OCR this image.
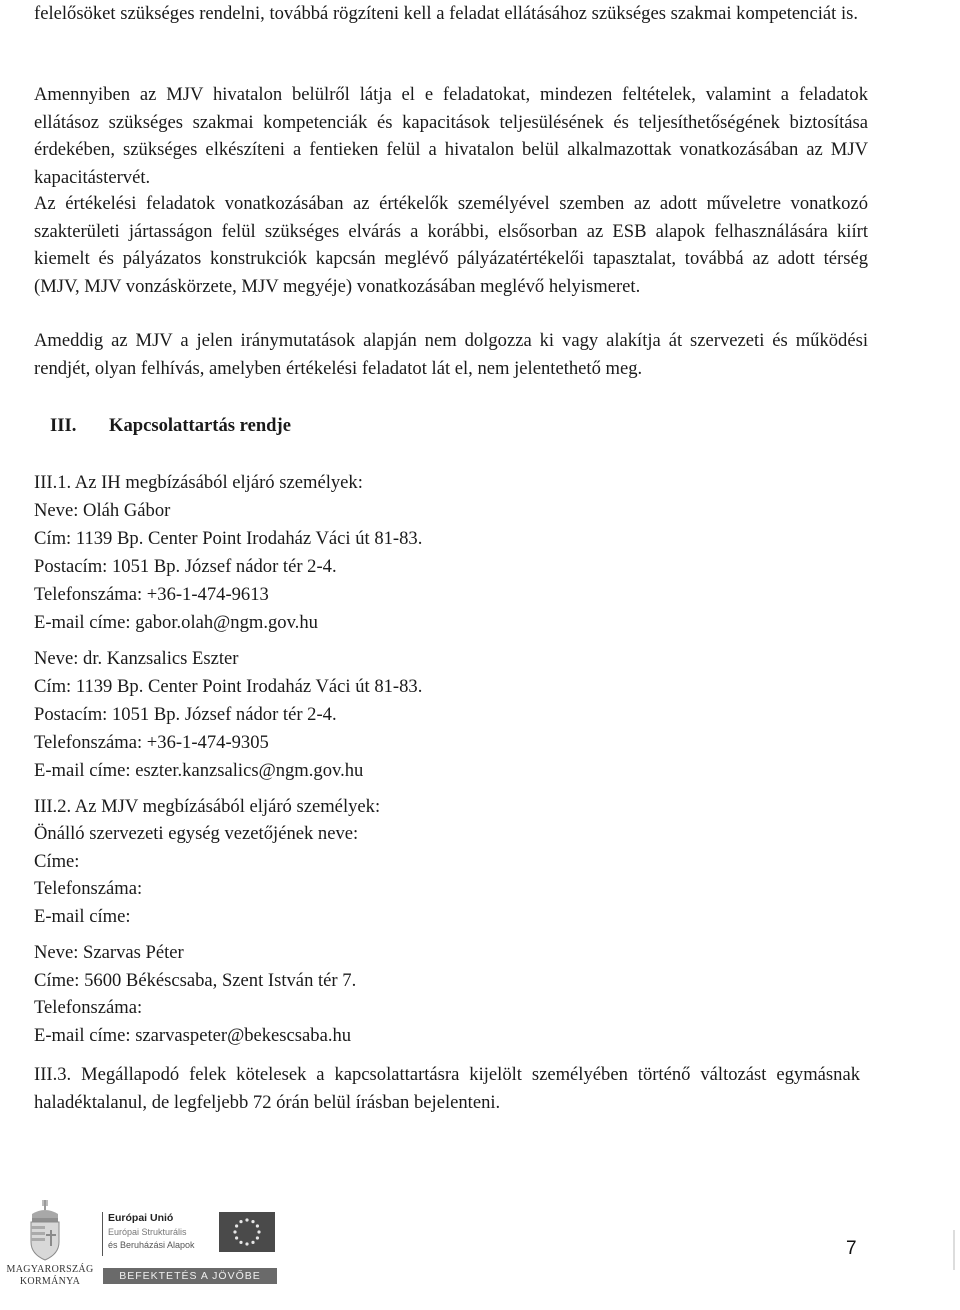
felelősöket szükséges rendelni, továbbá rögzíteni kell a feladat ellátásához szükséges szakmai kompetenciát is.

Amennyiben az MJV hivatalon belülről látja el e feladatokat, mindezen feltételek, valamint a feladatok ellátásoz szükséges szakmai kompetenciák és kapacitások teljesülésének és teljesíthetőségének biztosítása érdekében, szükséges elkészíteni a fentieken felül a hivatalon belül alkalmazottak vonatkozásában az MJV kapacitástervét.

Az értékelési feladatok vonatkozásában az értékelők személyével szemben az adott műveletre vonatkozó szakterületi jártasságon felül szükséges elvárás a korábbi, elsősorban az ESB alapok felhasználására kiírt kiemelt és pályázatos konstrukciók kapcsán meglévő pályázatértékelői tapasztalat, továbbá az adott térség (MJV, MJV vonzáskörzete, MJV megyéje) vonatkozásában meglévő helyismeret.

Ameddig az MJV a jelen iránymutatások alapján nem dolgozza ki vagy alakítja át szervezeti és működési rendjét, olyan felhívás, amelyben értékelési feladatot lát el, nem jelentethető meg.

III. Kapcsolattartás rendje

III.1. Az IH megbízásából eljáró személyek:

Neve: Oláh Gábor

Cím: 1139 Bp. Center Point Irodaház Váci út 81-83.

Postacím: 1051 Bp. József nádor tér 2-4.

Telefonszáma: +36-1-474-9613

E-mail címe: gabor.olah@ngm.gov.hu

Neve: dr. Kanzsalics Eszter

Cím: 1139 Bp. Center Point Irodaház Váci út 81-83.

Postacím: 1051 Bp. József nádor tér 2-4.

Telefonszáma: +36-1-474-9305

E-mail címe: eszter.kanzsalics@ngm.gov.hu

III.2. Az MJV megbízásából eljáró személyek:

Önálló szervezeti egység vezetőjének neve:

Címe:

Telefonszáma:

E-mail címe:

Neve: Szarvas Péter

Címe: 5600 Békéscsaba, Szent István tér 7.

Telefonszáma:

E-mail címe: szarvaspeter@bekescsaba.hu

III.3. Megállapodó felek kötelesek a kapcsolattartásra kijelölt személyében történő változást egymásnak haladéktalanul, de legfeljebb 72 órán belül írásban bejelenteni.

MAGYARORSZÁG
KORMÁNYA
Európai Unió
Európai Strukturális
és Beruházási Alapok
BEFEKTETÉS A JÖVŐBE
7
